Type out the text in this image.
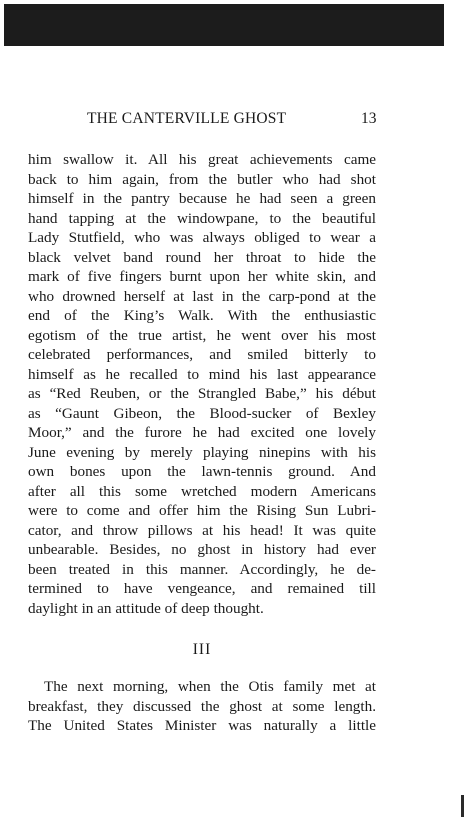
THE CANTERVILLE GHOST	13
him swallow it. All his great achievements came
back to him again, from the butler who had shot
himself in the pantry because he had seen a green
hand tapping at the windowpane, to the beautiful
Lady Stutfield, who was always obliged to wear a
black velvet band round her throat to hide the
mark of five fingers burnt upon her white skin, and
who drowned herself at last in the carp-pond at the
end of the King’s Walk. With the enthusiastic
egotism of the true artist, he went over his most
celebrated performances, and smiled bitterly to
himself as he recalled to mind his last appearance
as “Red Reuben, or the Strangled Babe,” his début
as “Gaunt Gibeon, the Blood-sucker of Bexley
Moor,” and the furore he had excited one lovely
June evening by merely playing ninepins with his
own bones upon the lawn-tennis ground. And
after all this some wretched modern Americans
were to come and offer him the Rising Sun Lubri-
cator, and throw pillows at his head! It was quite
unbearable. Besides, no ghost in history had ever
been treated in this manner. Accordingly, he de-
termined to have vengeance, and remained till
daylight in an attitude of deep thought.
III
The next morning, when the Otis family met at
breakfast, they discussed the ghost at some length.
The United States Minister was naturally a little
